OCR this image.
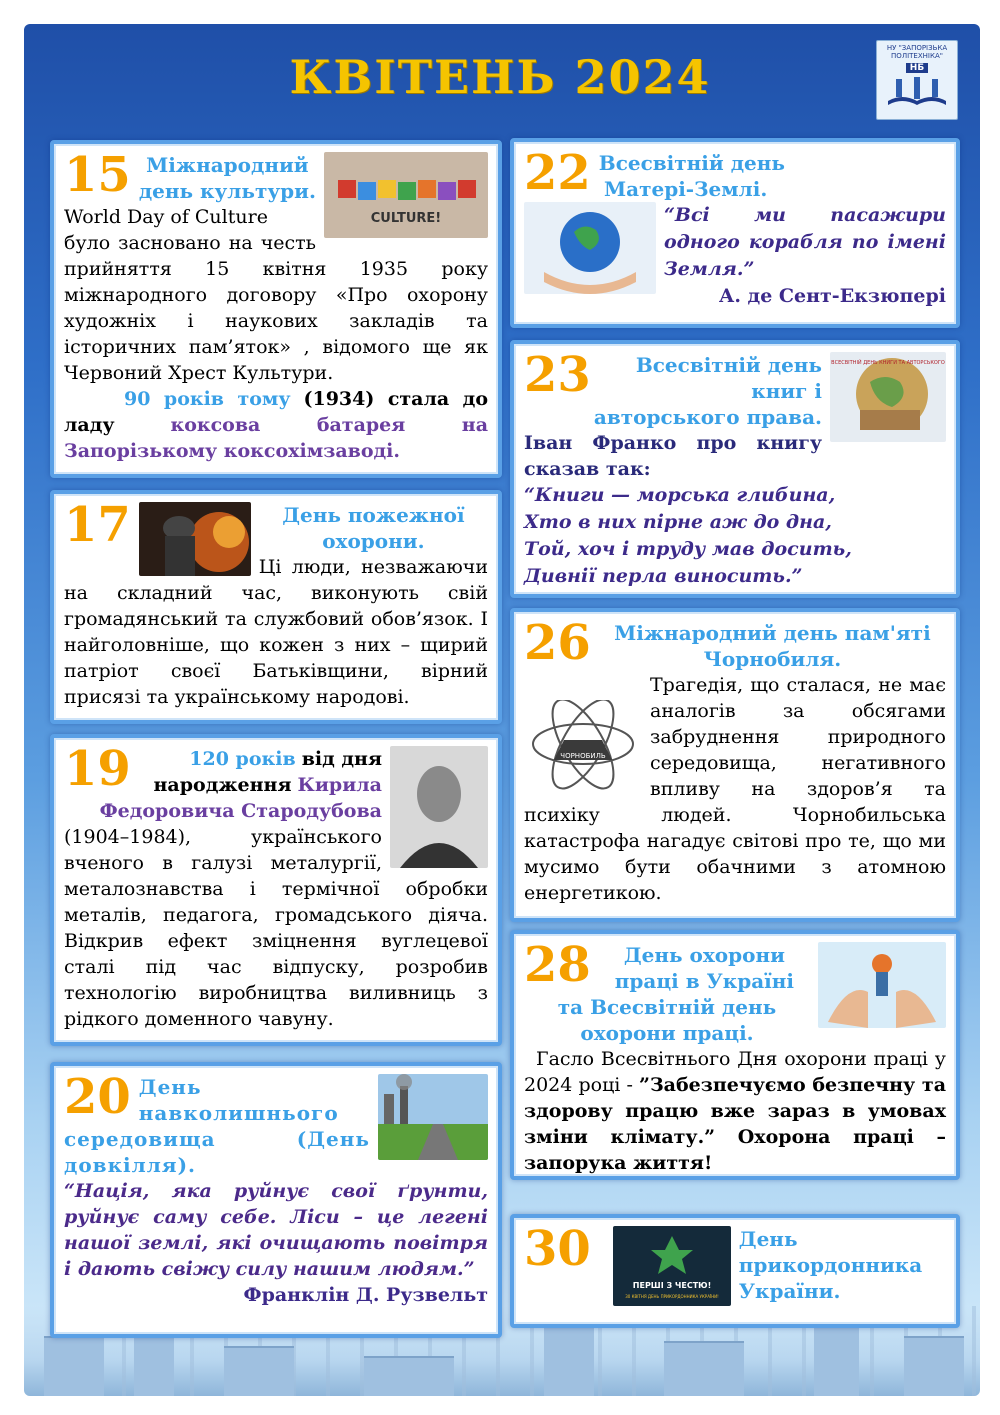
КВІТЕНЬ 2024
НУ "ЗАПОРІЗЬКА
ПОЛІТЕХНІКА"
НБ
CULTURE!
15 Міжнародний день культури.
World Day of Culture
було засновано на честь прийняття 15 квітня 1935 року міжнародного договору «Про охорону художніх і наукових закладів та історичних пам’яток» , відомого ще як Червоний Хрест Культури.
90 років тому (1934) стала до ладу	коксова батарея на Запорізькому коксохімзаводі.
17	День пожежної охорони.
Ці люди, незважаючи на складний час, виконують свій громадянський та службовий обов’язок. І найголовніше, що кожен з них – щирий патріот своєї Батьківщини, вірний присязі та українському народові.
19	120 років від дня народження Кирила Федоровича Стародубова
(1904–1984), українського вченого в галузі металургії, металознавства і термічної обробки металів, педагога, громадського діяча. Відкрив ефект зміцнення вуглецевої сталі під час відпуску, розробив технологію виробництва виливниць з рідкого доменного чавуну.
20 День навколишнього середовища (День довкілля).
“Нація, яка руйнує свої ґрунти, руйнує саму себе. Ліси – це легені нашої землі, які очищають повітря і дають свіжу силу нашим людям.”
Франклін Д. Рузвельт
22 Всесвітній день
Матері-Землі.
“Всі ми пасажири одного корабля по імені Земля.”
А. де Сент-Екзюпері
ВСЕСВІТНІЙ ДЕНЬ КНИГИ ТА АВТОРСЬКОГО
23	Всесвітній день книг і авторського права.
Іван Франко про книгу сказав так:
“Книги — морська глибина,
Хто в них пірне аж до дна,
Той, хоч і труду мав досить,
Дивнії перла виносить.”
26	Міжнародний день пам'яті Чорнобиля.
ЧОРНОБИЛЬ
Трагедія, що сталася, не має аналогів за обсягами забруднення природного середовища, негативного впливу на здоров’я та психіку людей. Чорнобильська катастрофа нагадує світові про те, що ми мусимо бути обачними з атомною енергетикою.
28	День охорони праці в Україні та Всесвітній день охорони праці.
Гасло Всесвітнього Дня охорони праці у 2024 році - ”Забезпечуємо безпечну та здорову працю вже зараз в умовах зміни клімату.” Охорона праці – запорука життя!
30
ПЕРШІ З ЧЕСТЮ!
30 КВІТНЯ ДЕНЬ ПРИКОРДОННИКА УКРАЇНИ!
День прикордонника України.
